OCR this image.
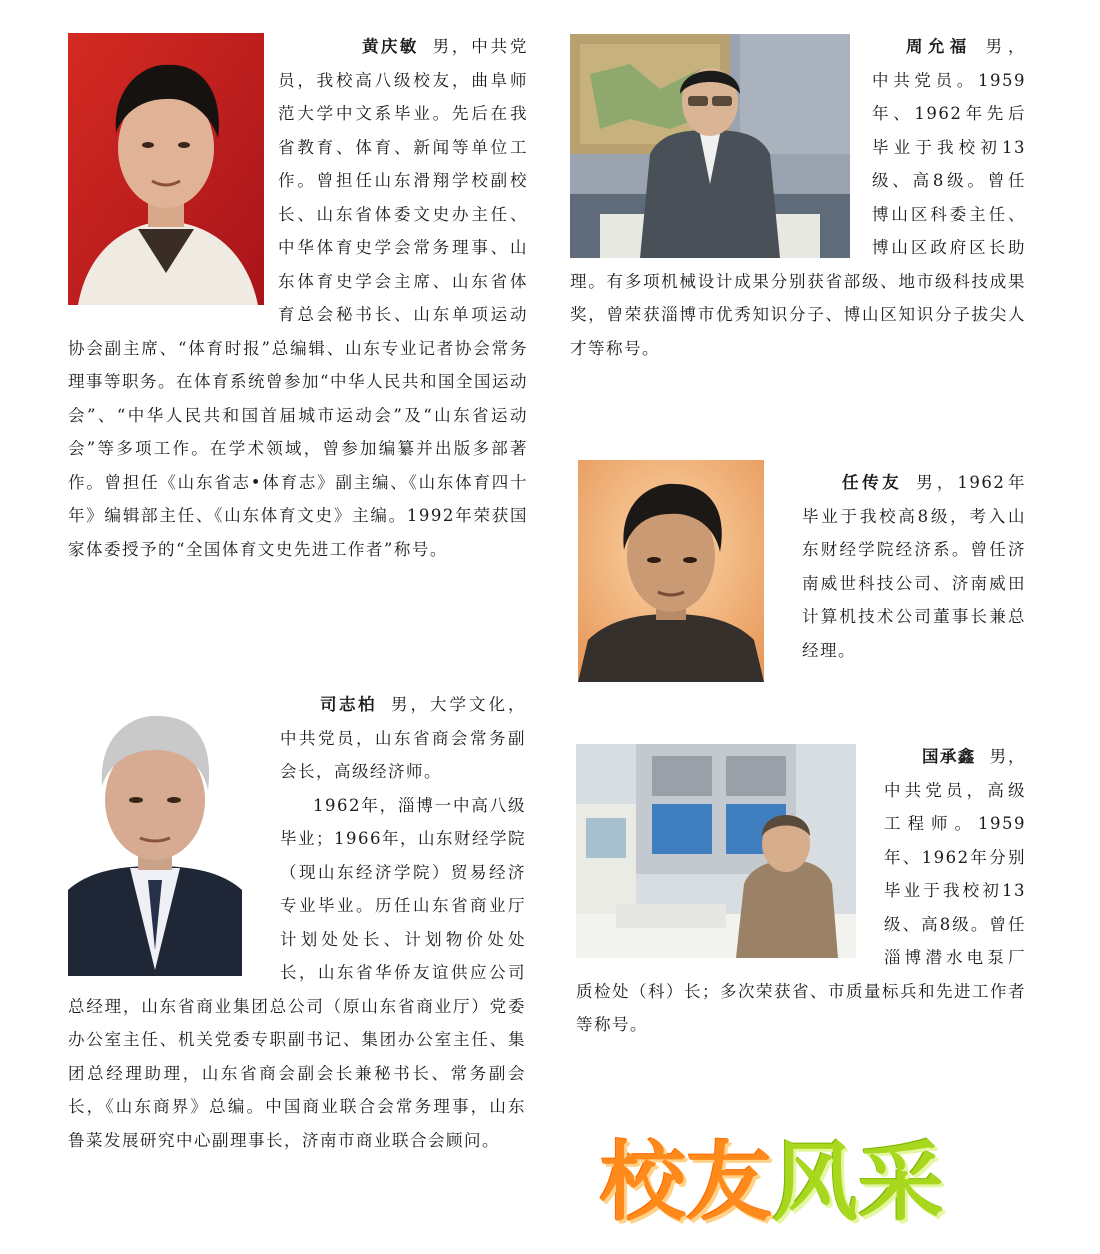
黄庆敏 男，中共党员，我校高八级校友，曲阜师范大学中文系毕业。先后在我省教育、体育、新闻等单位工作。曾担任山东滑翔学校副校长、山东省体委文史办主任、中华体育史学会常务理事、山东体育史学会主席、山东省体育总会秘书长、山东单项运动协会副主席、“体育时报”总编辑、山东专业记者协会常务理事等职务。在体育系统曾参加“中华人民共和国全国运动会”、“中华人民共和国首届城市运动会”及“山东省运动会”等多项工作。在学术领域，曾参加编纂并出版多部著作。曾担任《山东省志•体育志》副主编、《山东体育四十年》编辑部主任、《山东体育文史》主编。1992年荣获国家体委授予的“全国体育文史先进工作者”称号。

周允福 男，中共党员。1959年、1962年先后毕业于我校初13级、高8级。曾任博山区科委主任、博山区政府区长助理。有多项机械设计成果分别获省部级、地市级科技成果奖，曾荣获淄博市优秀知识分子、博山区知识分子拔尖人才等称号。

任传友 男，1962年毕业于我校高8级，考入山东财经学院经济系。曾任济南威世科技公司、济南威田计算机技术公司董事长兼总经理。

司志柏 男，大学文化，中共党员，山东省商会常务副会长，高级经济师。
1962年，淄博一中高八级毕业；1966年，山东财经学院（现山东经济学院）贸易经济专业毕业。历任山东省商业厅计划处处长、计划物价处处长，山东省华侨友谊供应公司总经理，山东省商业集团总公司（原山东省商业厅）党委办公室主任、机关党委专职副书记、集团办公室主任、集团总经理助理，山东省商会副会长兼秘书长、常务副会长，《山东商界》总编。中国商业联合会常务理事，山东鲁菜发展研究中心副理事长，济南市商业联合会顾问。

国承鑫 男，中共党员，高级工程师。1959年、1962年分别毕业于我校初13级、高8级。曾任淄博潜水电泵厂质检处（科）长；多次荣获省、市质量标兵和先进工作者等称号。

校友风采
